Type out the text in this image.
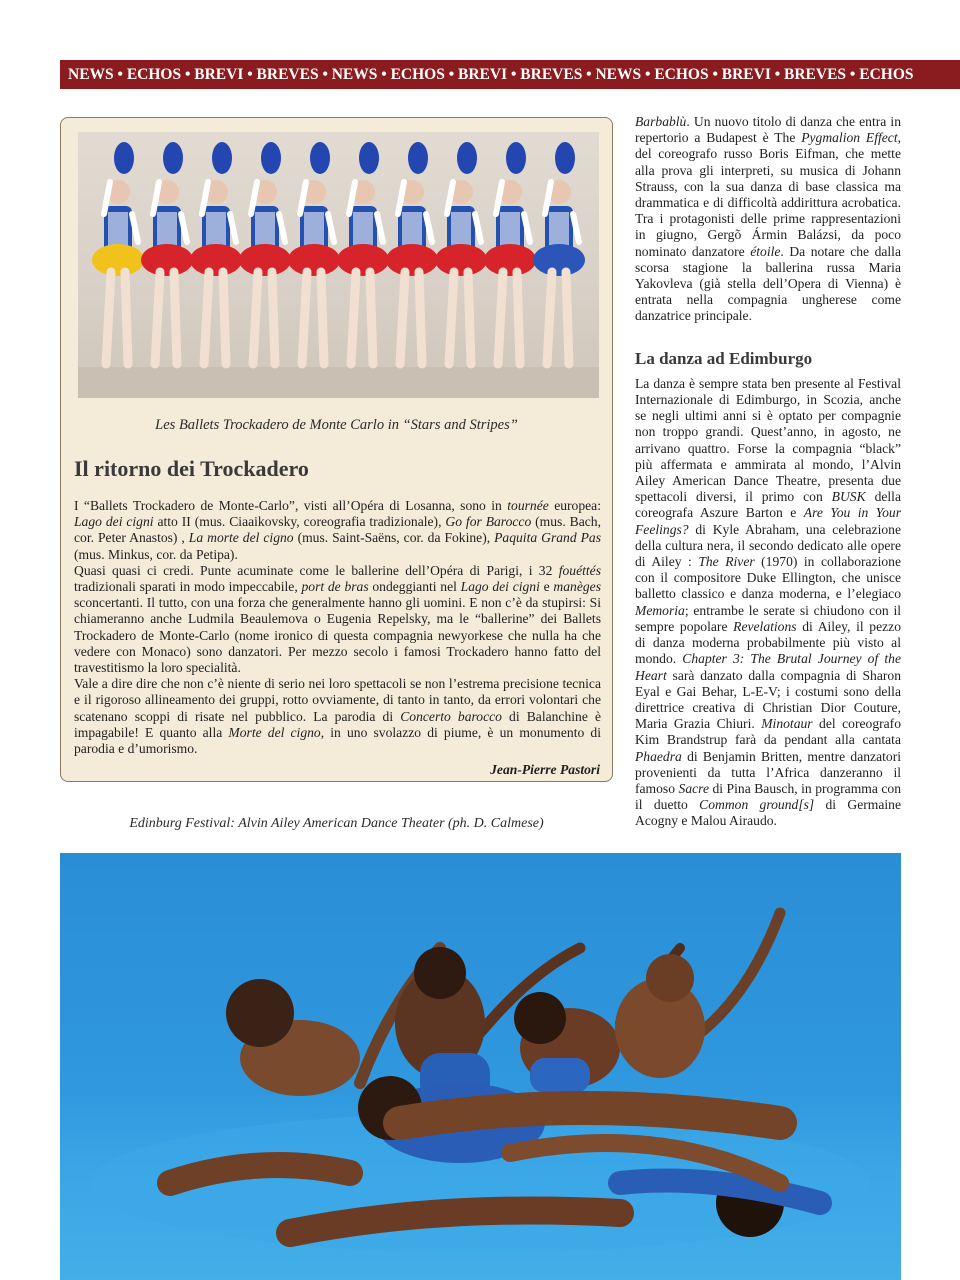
NEWS • ECHOS • BREVI • BREVES • NEWS • ECHOS • BREVI • BREVES • NEWS • ECHOS • BREVI • BREVES • ECHOS
Les Ballets Trockadero de Monte Carlo in “Stars and Stripes”
Il ritorno dei Trockadero

I “Ballets Trockadero de Monte-Carlo”, visti all’Opéra di Losanna, sono in tournée europea: Lago dei cigni atto II (mus. Ciaaikovsky, coreografia tradizionale), Go for Barocco (mus. Bach, cor. Peter Anastos) , La morte del cigno (mus. Saint-Saëns, cor. da Fokine), Paquita Grand Pas (mus. Minkus, cor. da Petipa).

Quasi quasi ci credi. Punte acuminate come le ballerine dell’Opéra di Parigi, i 32 fouéttés tradizionali sparati in modo impeccabile, port de bras ondeggianti nel Lago dei cigni e manèges sconcertanti. Il tutto, con una forza che generalmente hanno gli uomini. E non c’è da stupirsi: Si chiameranno anche Ludmila Beaulemova o Eugenia Repelsky, ma le “ballerine” dei Ballets Trockadero de Monte-Carlo (nome ironico di questa compagnia newyorkese che nulla ha che vedere con Monaco) sono danzatori. Per mezzo secolo i famosi Trockadero hanno fatto del travestitismo la loro specialità.

Vale a dire dire che non c’è niente di serio nei loro spettacoli se non l’estrema precisione tecnica e il rigoroso allineamento dei gruppi, rotto ovviamente, di tanto in tanto, da errori volontari che scatenano scoppi di risate nel pubblico. La parodia di Concerto barocco di Balanchine è impagabile! E quanto alla Morte del cigno, in uno svolazzo di piume, è un monumento di parodia e d’umorismo.

Jean-Pierre Pastori
Edinburg Festival: Alvin Ailey American Dance Theater (ph. D. Calmese)

Barbablù. Un nuovo titolo di danza che entra in repertorio a Budapest è The Pygmalion Effect, del coreografo russo Boris Eifman, che mette alla prova gli interpreti, su musica di Johann Strauss, con la sua danza di base classica ma drammatica e di difficoltà addirittura acrobatica. Tra i protagonisti delle prime rappresentazioni in giugno, Gergõ Ármin Balázsi, da poco nominato danzatore étoile. Da notare che dalla scorsa stagione la ballerina russa Maria Yakovleva (già stella dell’Opera di Vienna) è entrata nella compagnia ungherese come danzatrice principale.

La danza ad Edimburgo

La danza è sempre stata ben presente al Festival Internazionale di Edimburgo, in Scozia, anche se negli ultimi anni si è optato per compagnie non troppo grandi. Quest’anno, in agosto, ne arrivano quattro. Forse la compagnia “black” più affermata e ammirata al mondo, l’Alvin Ailey American Dance Theatre, presenta due spettacoli diversi, il primo con BUSK della coreografa Aszure Barton e Are You in Your Feelings? di Kyle Abraham, una celebrazione della cultura nera, il secondo dedicato alle opere di Ailey : The River (1970) in collaborazione con il compositore Duke Ellington, che unisce balletto classico e danza moderna, e l’elegiaco Memoria; entrambe le serate si chiudono con il sempre popolare Revelations di Ailey, il pezzo di danza moderna probabilmente più visto al mondo. Chapter 3: The Brutal Journey of the Heart sarà danzato dalla compagnia di Sharon Eyal e Gai Behar, L-E-V; i costumi sono della direttrice creativa di Christian Dior Couture, Maria Grazia Chiuri. Minotaur del coreografo Kim Brandstrup farà da pendant alla cantata Phaedra di Benjamin Britten, mentre danzatori provenienti da tutta l’Africa danzeranno il famoso Sacre di Pina Bausch, in programma con il duetto Common ground[s] di Germaine Acogny e Malou Airaudo.
